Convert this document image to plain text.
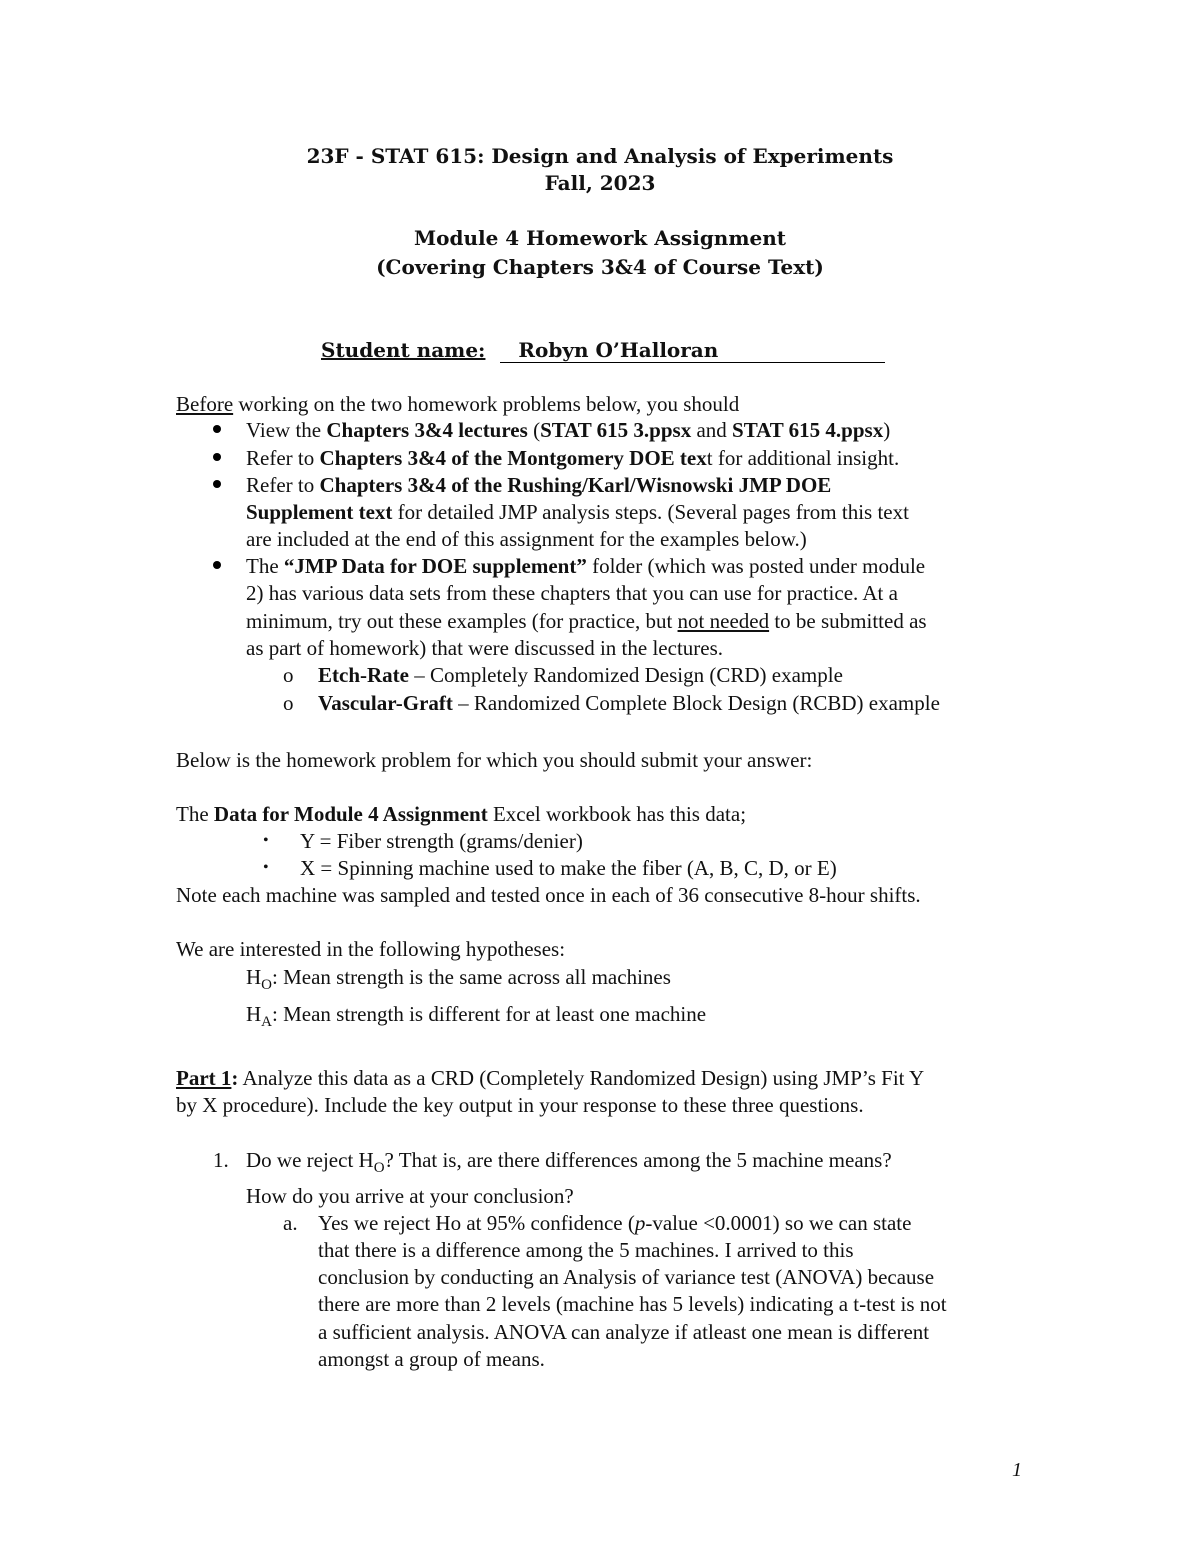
23F - STAT 615: Design and Analysis of Experiments
Fall, 2023
Module 4 Homework Assignment
(Covering Chapters 3&4 of Course Text)
Student name: Robyn O’Halloran
Before working on the two homework problems below, you should
View the Chapters 3&4 lectures (STAT 615 3.ppsx and STAT 615 4.ppsx)
Refer to Chapters 3&4 of the Montgomery DOE text for additional insight.
Refer to Chapters 3&4 of the Rushing/Karl/Wisnowski JMP DOE
Supplement text for detailed JMP analysis steps. (Several pages from this text
are included at the end of this assignment for the examples below.)
The “JMP Data for DOE supplement” folder (which was posted under module
2) has various data sets from these chapters that you can use for practice. At a
minimum, try out these examples (for practice, but not needed to be submitted as
as part of homework) that were discussed in the lectures.
o Etch-Rate – Completely Randomized Design (CRD) example
o Vascular-Graft – Randomized Complete Block Design (RCBD) example
Below is the homework problem for which you should submit your answer:
The Data for Module 4 Assignment Excel workbook has this data;
• Y = Fiber strength (grams/denier)
• X = Spinning machine used to make the fiber (A, B, C, D, or E)
Note each machine was sampled and tested once in each of 36 consecutive 8-hour shifts.
We are interested in the following hypotheses:
$H_O$: Mean strength is the same across all machines
$H_A$: Mean strength is different for at least one machine
Part 1: Analyze this data as a CRD (Completely Randomized Design) using JMP’s Fit Y
by X procedure). Include the key output in your response to these three questions.
1. Do we reject $H_O$? That is, are there differences among the 5 machine means?
How do you arrive at your conclusion?
a. Yes we reject Ho at 95% confidence (p-value <0.0001) so we can state
that there is a difference among the 5 machines. I arrived to this
conclusion by conducting an Analysis of variance test (ANOVA) because
there are more than 2 levels (machine has 5 levels) indicating a t-test is not
a sufficient analysis. ANOVA can analyze if atleast one mean is different
amongst a group of means.
1
